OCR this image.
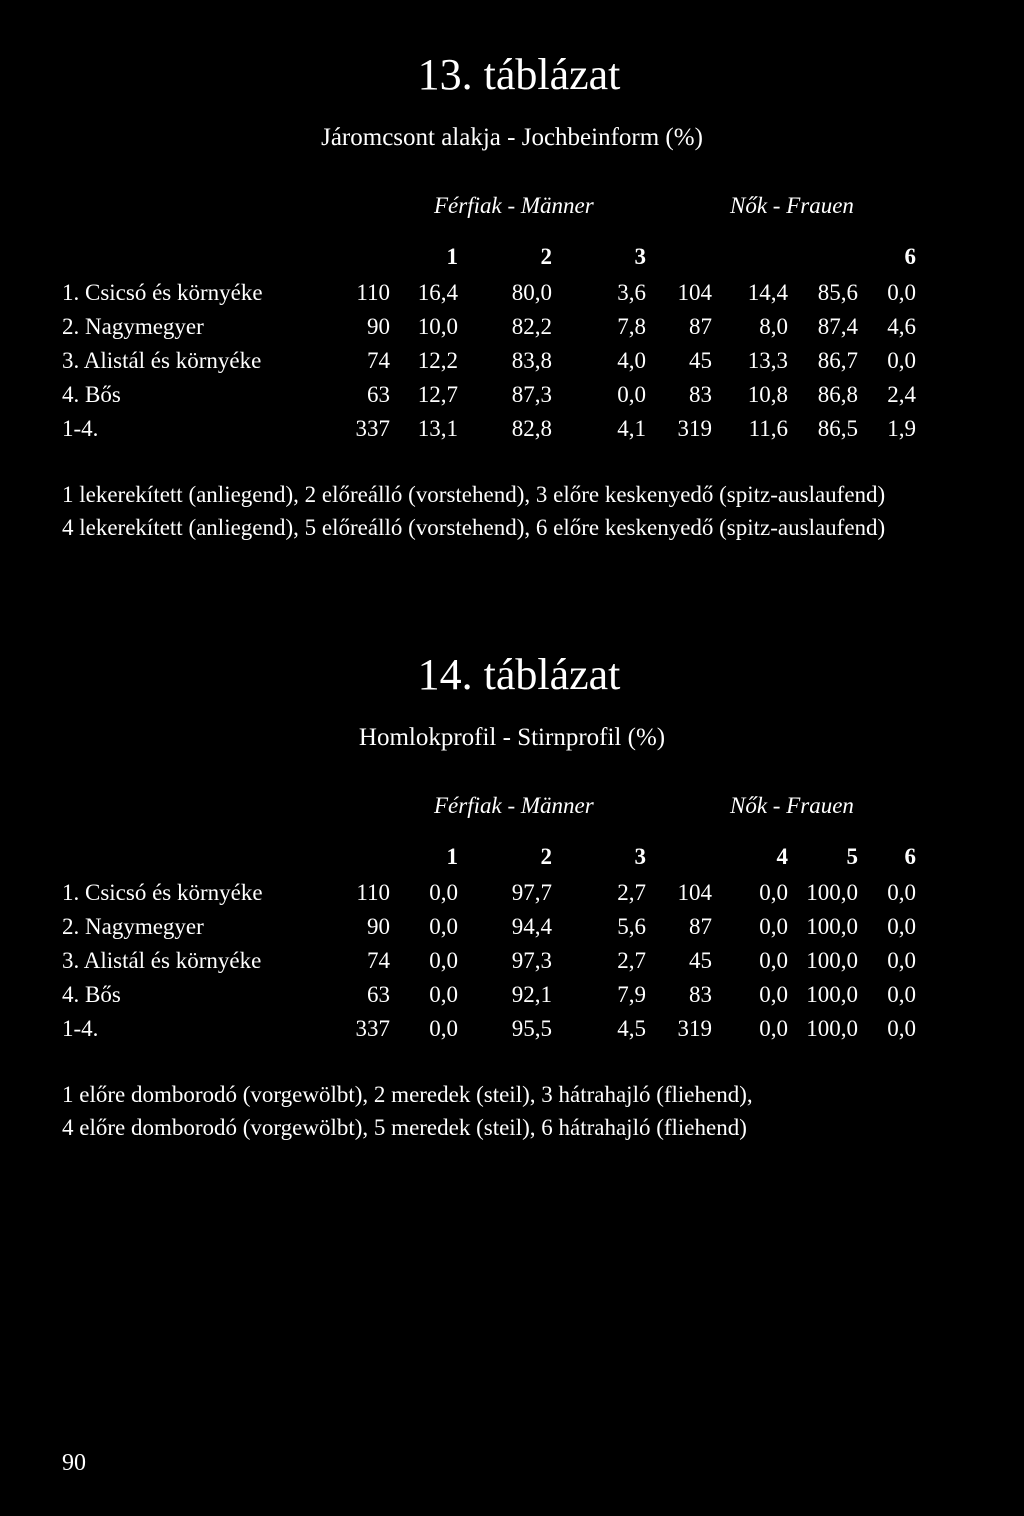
13. táblázat
Járomcsont alakja - Jochbeinform (%)
Férfiak - Männer	Nők - Frauen
		1	2	3				6
1. Csicsó és környéke	110	16,4	80,0	3,6	104	14,4	85,6	0,0
2. Nagymegyer	90	10,0	82,2	7,8	87	8,0	87,4	4,6
3. Alistál és környéke	74	12,2	83,8	4,0	45	13,3	86,7	0,0
4. Bős	63	12,7	87,3	0,0	83	10,8	86,8	2,4
1-4.	337	13,1	82,8	4,1	319	11,6	86,5	1,9

1 lekerekített (anliegend), 2 előreálló (vorstehend), 3 előre keskenyedő (spitz-auslaufend)

4 lekerekített (anliegend), 5 előreálló (vorstehend), 6 előre keskenyedő (spitz-auslaufend)

14. táblázat
Homlokprofil - Stirnprofil (%)
Férfiak - Männer	Nők - Frauen
		1	2	3		4	5	6
1. Csicsó és környéke	110	0,0	97,7	2,7	104	0,0	100,0	0,0
2. Nagymegyer	90	0,0	94,4	5,6	87	0,0	100,0	0,0
3. Alistál és környéke	74	0,0	97,3	2,7	45	0,0	100,0	0,0
4. Bős	63	0,0	92,1	7,9	83	0,0	100,0	0,0
1-4.	337	0,0	95,5	4,5	319	0,0	100,0	0,0

1 előre domborodó (vorgewölbt), 2 meredek (steil), 3 hátrahajló (fliehend),

4 előre domborodó (vorgewölbt), 5 meredek (steil), 6 hátrahajló (fliehend)

90
